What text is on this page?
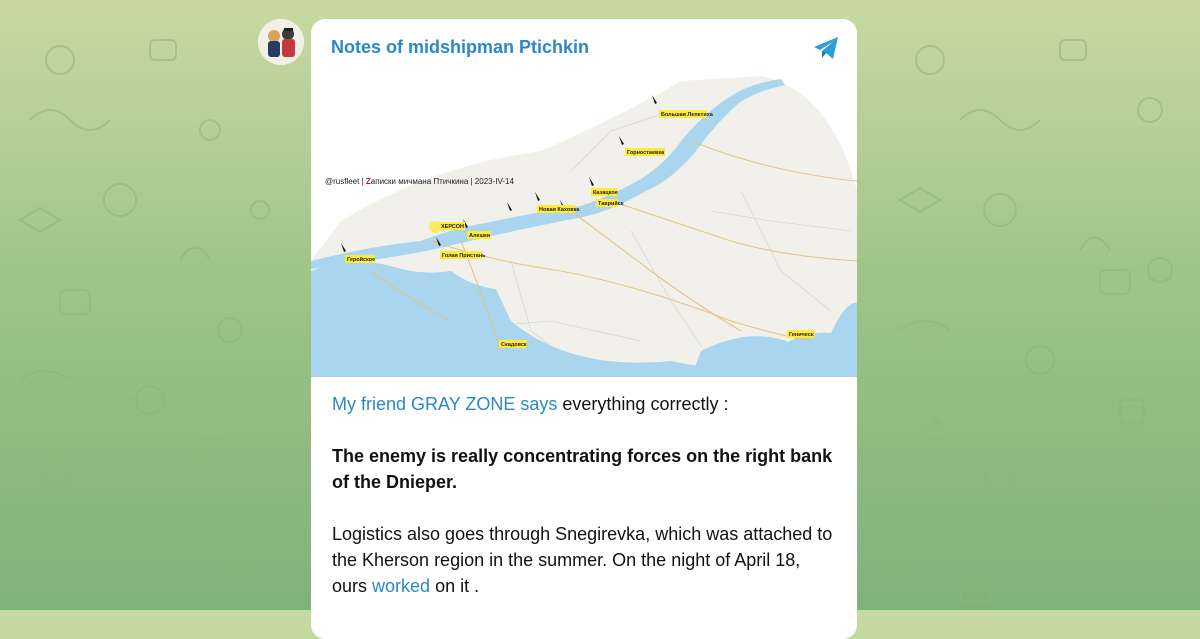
Notes of midshipman Ptichkin
@rusfleet | Zаписки мичмана Птичкина | 2023-IV-14
Большая Лепетиха
Горностаевка
Казацкое
Таврийск
Новая Каховка
Алешки
ХЕРСОН
Голая Пристань
Геройское
Скадовск
Геническ

My friend GRAY ZONE says everything correctly :

The enemy is really concentrating forces on the right bank of the Dnieper.

Logistics also goes through Snegirevka, which was attached to the Kherson region in the summer. On the night of April 18, ours worked on it .
